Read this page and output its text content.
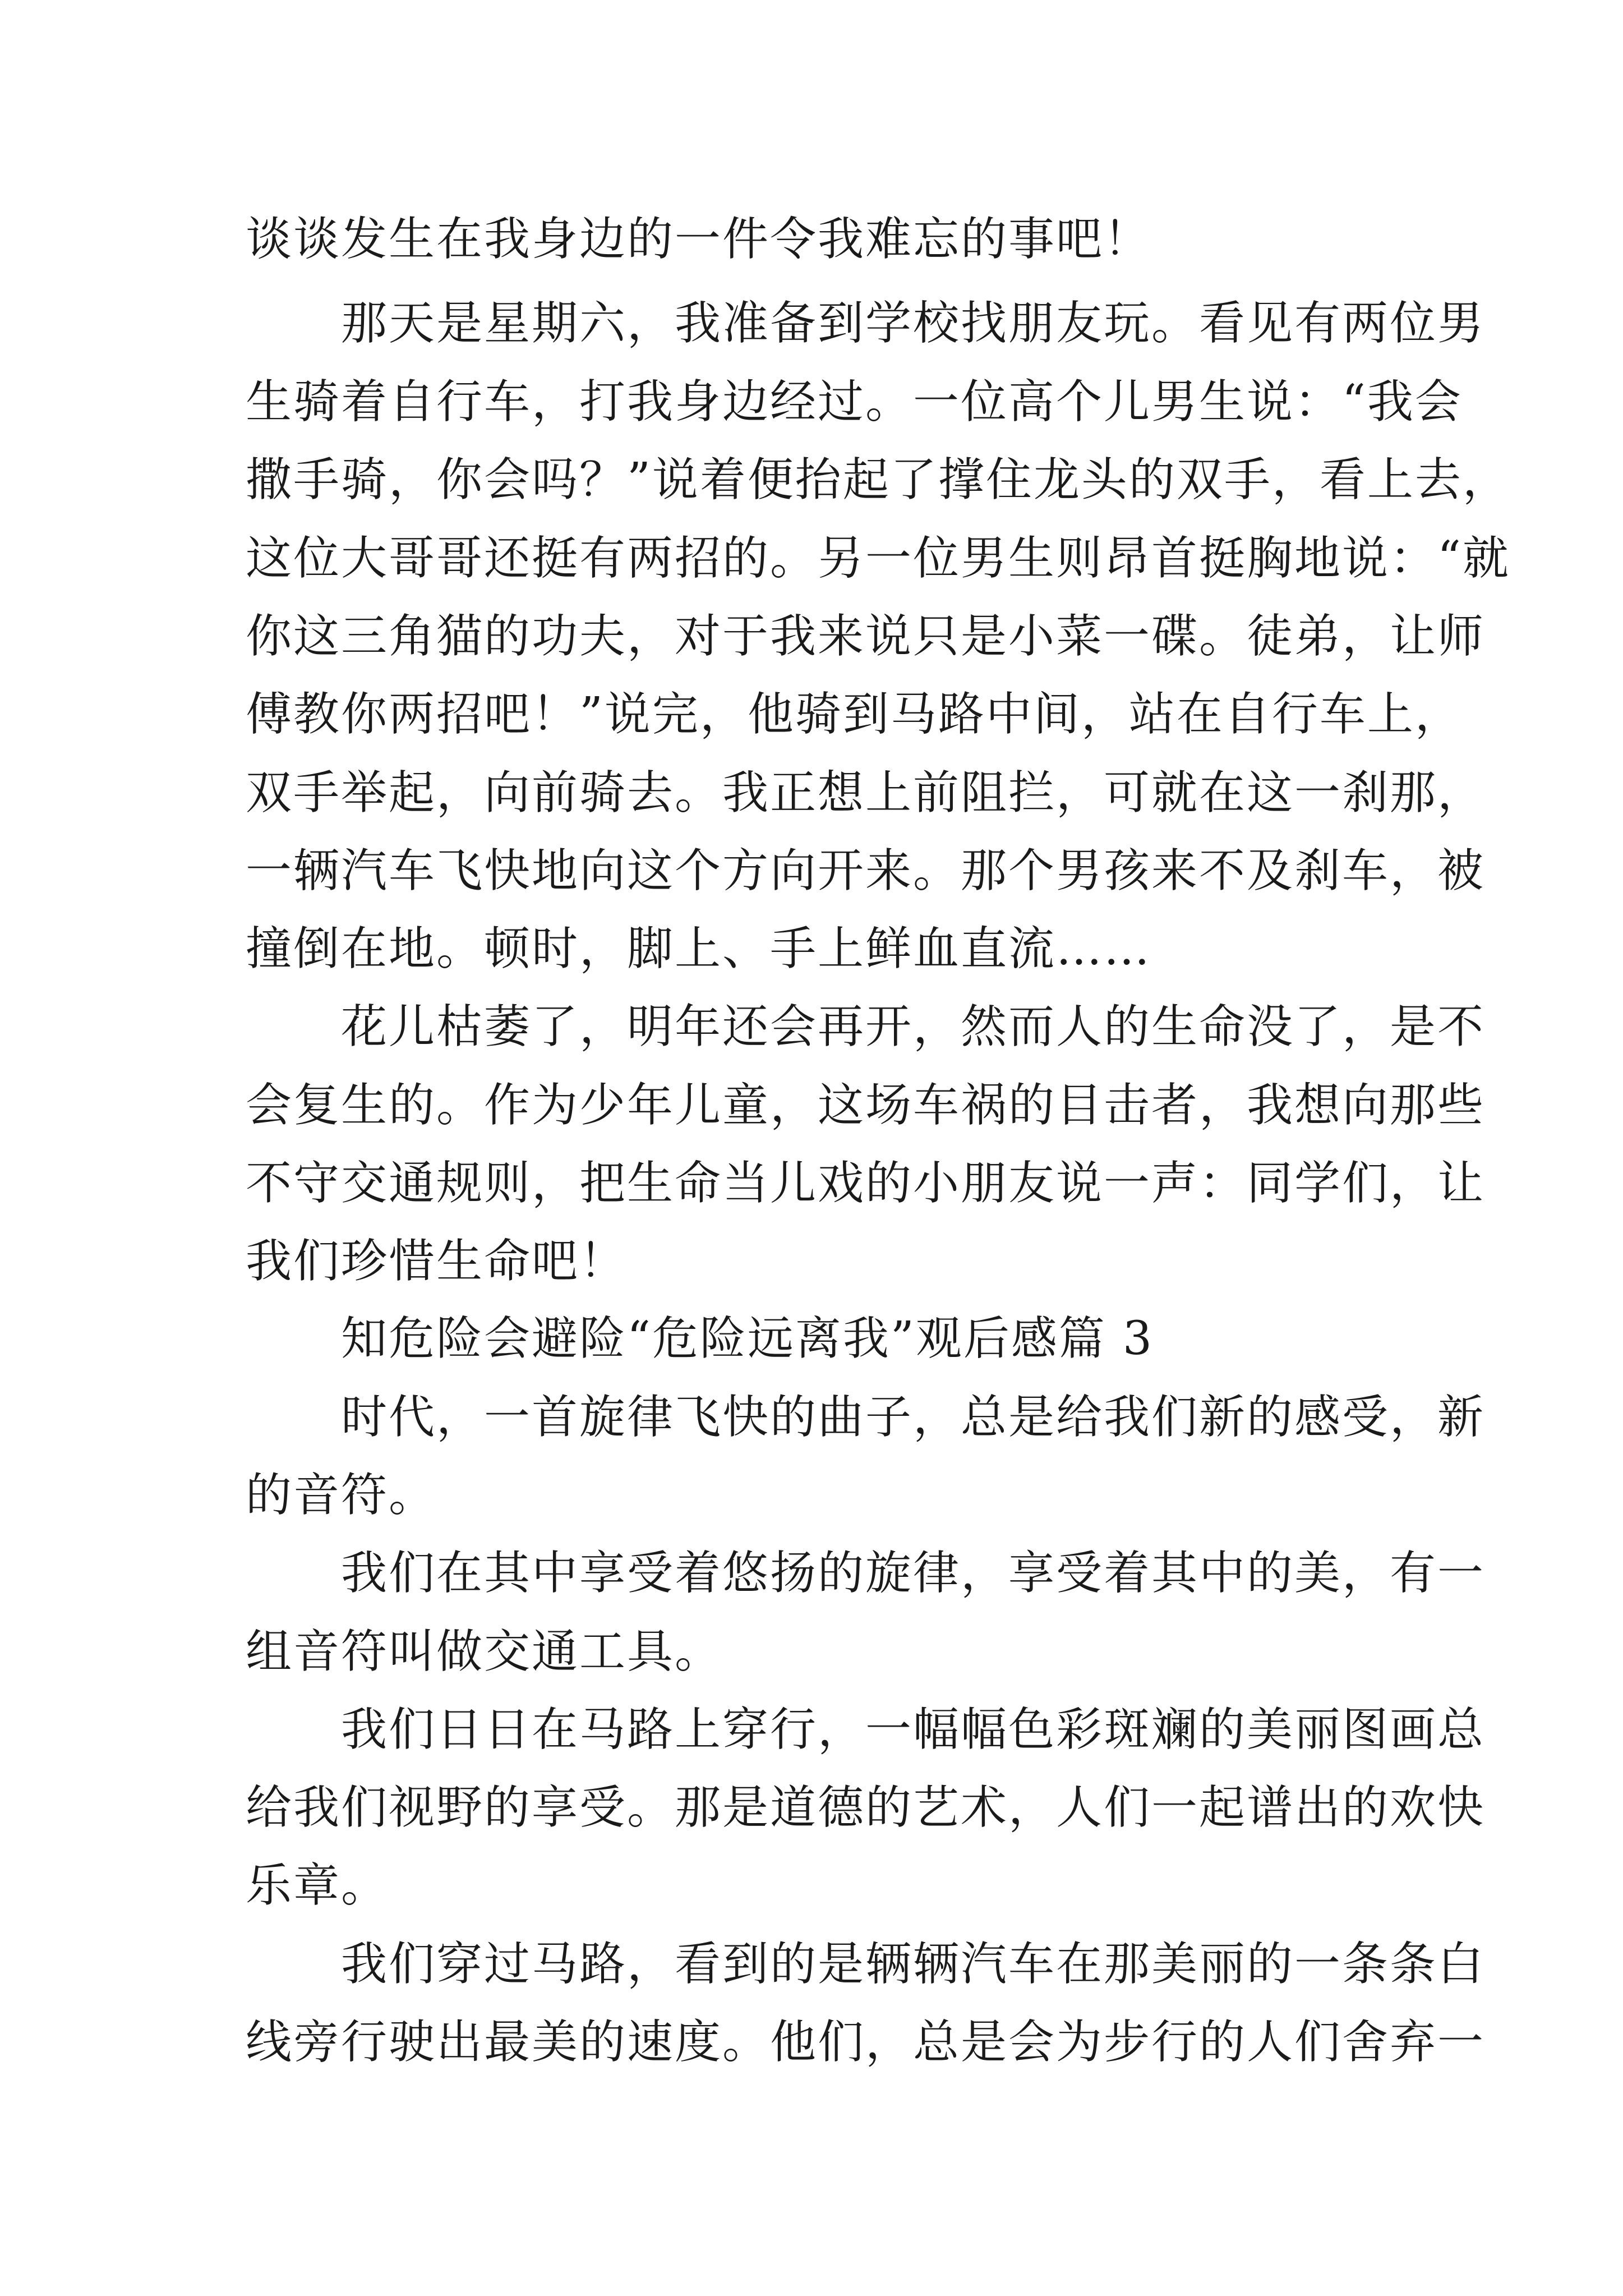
谈谈发生在我身边的一件令我难忘的事吧！
　　那天是星期六，我准备到学校找朋友玩。看见有两位男
生骑着自行车，打我身边经过。一位高个儿男生说：“我会
撒手骑，你会吗？”说着便抬起了撑住龙头的双手，看上去，
这位大哥哥还挺有两招的。另一位男生则昂首挺胸地说：“就
你这三角猫的功夫，对于我来说只是小菜一碟。徒弟，让师
傅教你两招吧！”说完，他骑到马路中间，站在自行车上，
双手举起，向前骑去。我正想上前阻拦，可就在这一刹那，
一辆汽车飞快地向这个方向开来。那个男孩来不及刹车，被
撞倒在地。顿时，脚上、手上鲜血直流……
　　花儿枯萎了，明年还会再开，然而人的生命没了，是不
会复生的。作为少年儿童，这场车祸的目击者，我想向那些
不守交通规则，把生命当儿戏的小朋友说一声：同学们，让
我们珍惜生命吧！
　　知危险会避险“危险远离我”观后感篇 3
　　时代，一首旋律飞快的曲子，总是给我们新的感受，新
的音符。
　　我们在其中享受着悠扬的旋律，享受着其中的美，有一
组音符叫做交通工具。
　　我们日日在马路上穿行，一幅幅色彩斑斓的美丽图画总
给我们视野的享受。那是道德的艺术，人们一起谱出的欢快
乐章。
　　我们穿过马路，看到的是辆辆汽车在那美丽的一条条白
线旁行驶出最美的速度。他们，总是会为步行的人们舍弃一
